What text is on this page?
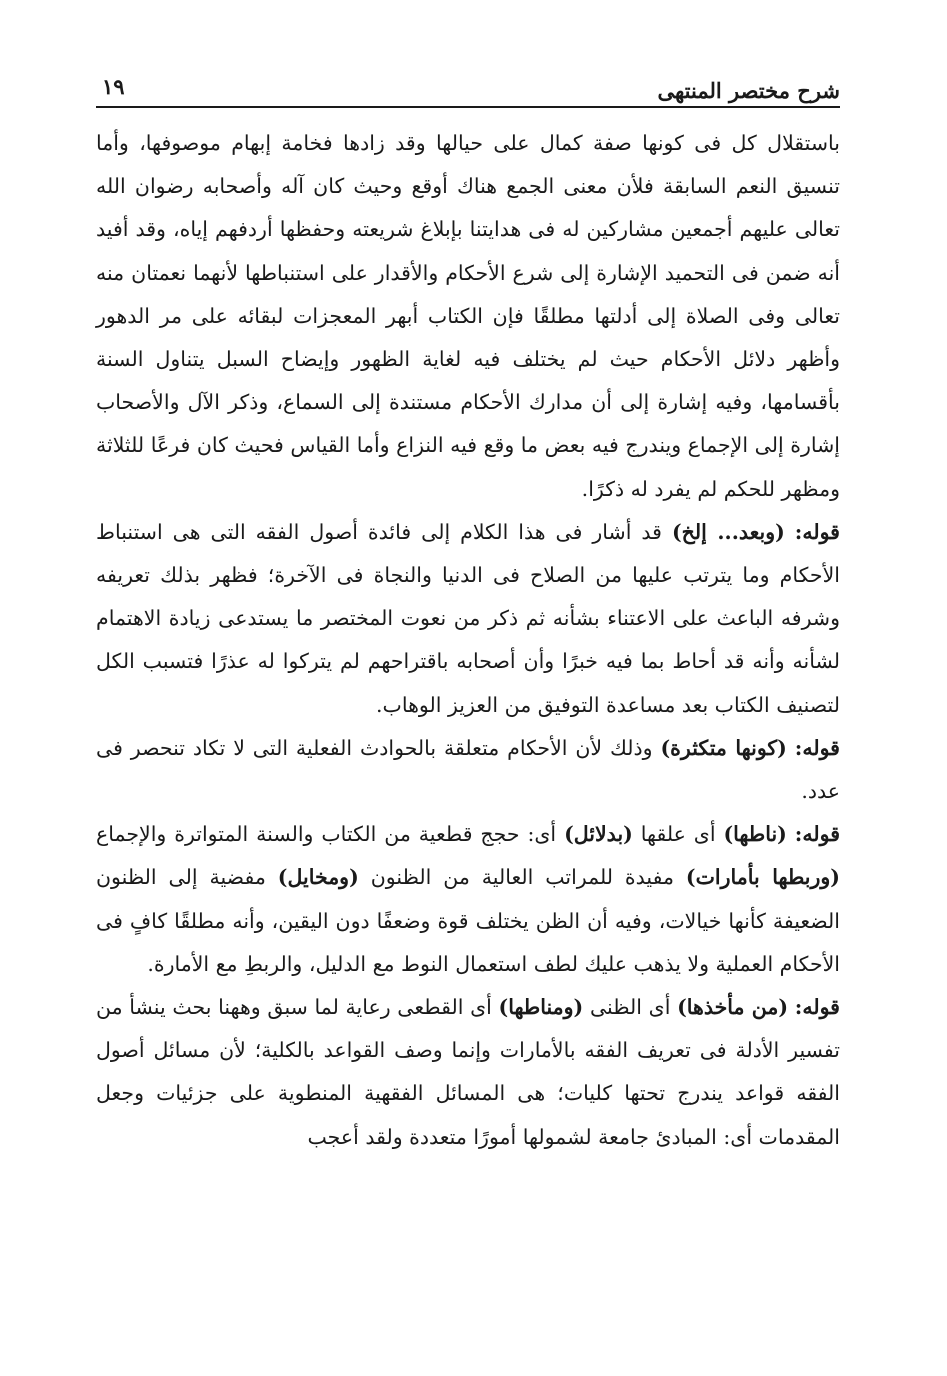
شرح مختصر المنتهى
١٩

باستقلال كل فى كونها صفة كمال على حيالها وقد زادها فخامة إبهام موصوفها، وأما تنسيق النعم السابقة فلأن معنى الجمع هناك أوقع وحيث كان آله وأصحابه رضوان الله تعالى عليهم أجمعين مشاركين له فى هدايتنا بإبلاغ شريعته وحفظها أردفهم إياه، وقد أفيد أنه ضمن فى التحميد الإشارة إلى شرع الأحكام والأقدار على استنباطها لأنهما نعمتان منه تعالى وفى الصلاة إلى أدلتها مطلقًا فإن الكتاب أبهر المعجزات لبقائه على مر الدهور وأظهر دلائل الأحكام حيث لم يختلف فيه لغاية الظهور وإيضاح السبل يتناول السنة بأقسامها، وفيه إشارة إلى أن مدارك الأحكام مستندة إلى السماع، وذكر الآل والأصحاب إشارة إلى الإجماع ويندرج فيه بعض ما وقع فيه النزاع وأما القياس فحيث كان فرعًا للثلاثة ومظهر للحكم لم يفرد له ذكرًا.

قوله: (وبعد... إلخ) قد أشار فى هذا الكلام إلى فائدة أصول الفقه التى هى استنباط الأحكام وما يترتب عليها من الصلاح فى الدنيا والنجاة فى الآخرة؛ فظهر بذلك تعريفه وشرفه الباعث على الاعتناء بشأنه ثم ذكر من نعوت المختصر ما يستدعى زيادة الاهتمام لشأنه وأنه قد أحاط بما فيه خبرًا وأن أصحابه باقتراحهم لم يتركوا له عذرًا فتسبب الكل لتصنيف الكتاب بعد مساعدة التوفيق من العزيز الوهاب.

قوله: (كونها متكثرة) وذلك لأن الأحكام متعلقة بالحوادث الفعلية التى لا تكاد تنحصر فى عدد.

قوله: (ناطها) أى علقها (بدلائل) أى: حجج قطعية من الكتاب والسنة المتواترة والإجماع (وربطها بأمارات) مفيدة للمراتب العالية من الظنون (ومخايل) مفضية إلى الظنون الضعيفة كأنها خيالات، وفيه أن الظن يختلف قوة وضعفًا دون اليقين، وأنه مطلقًا كافٍ فى الأحكام العملية ولا يذهب عليك لطف استعمال النوط مع الدليل، والربطِ مع الأمارة.

قوله: (من مأخذها) أى الظنى (ومناطها) أى القطعى رعاية لما سبق وههنا بحث ينشأ من تفسير الأدلة فى تعريف الفقه بالأمارات وإنما وصف القواعد بالكلية؛ لأن مسائل أصول الفقه قواعد يندرج تحتها كليات؛ هى المسائل الفقهية المنطوية على جزئيات وجعل المقدمات أى: المبادئ جامعة لشمولها أمورًا متعددة ولقد أعجب
